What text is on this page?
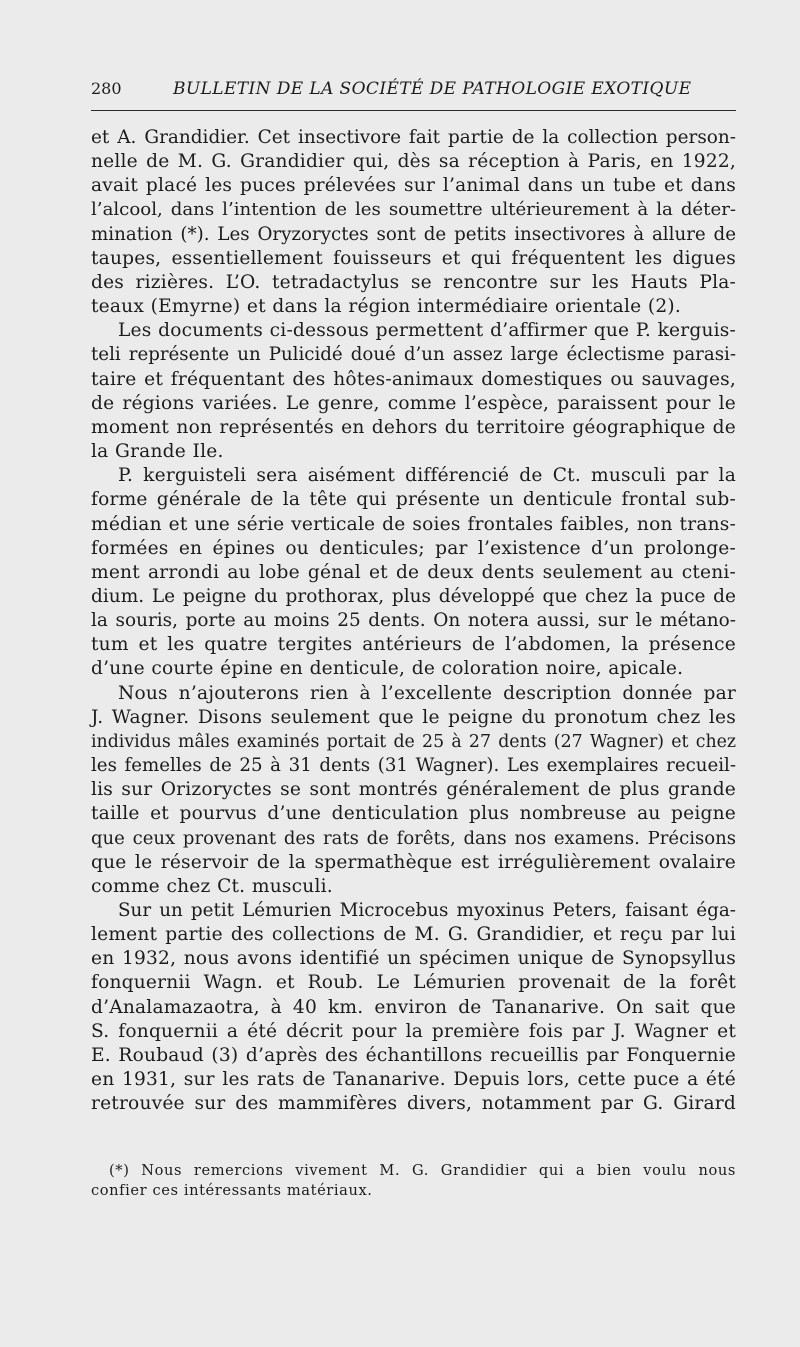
280	BULLETIN DE LA SOCIÉTÉ DE PATHOLOGIE EXOTIQUE
et A. Grandidier. Cet insectivore fait partie de la collection person-
nelle de M. G. Grandidier qui, dès sa réception à Paris, en 1922,
avait placé les puces prélevées sur l’animal dans un tube et dans
l’alcool, dans l’intention de les soumettre ultérieurement à la déter-
mination (*). Les Oryzoryctes sont de petits insectivores à allure de
taupes, essentiellement fouisseurs et qui fréquentent les digues
des rizières. L’O. tetradactylus se rencontre sur les Hauts Pla-
teaux (Emyrne) et dans la région intermédiaire orientale (2).
Les documents ci-dessous permettent d’affirmer que P. kerguis-
teli représente un Pulicidé doué d’un assez large éclectisme parasi-
taire et fréquentant des hôtes-animaux domestiques ou sauvages,
de régions variées. Le genre, comme l’espèce, paraissent pour le
moment non représentés en dehors du territoire géographique de
la Grande Ile.
P. kerguisteli sera aisément différencié de Ct. musculi par la
forme générale de la tête qui présente un denticule frontal sub-
médian et une série verticale de soies frontales faibles, non trans-
formées en épines ou denticules; par l’existence d’un prolonge-
ment arrondi au lobe génal et de deux dents seulement au cteni-
dium. Le peigne du prothorax, plus développé que chez la puce de
la souris, porte au moins 25 dents. On notera aussi, sur le métano-
tum et les quatre tergites antérieurs de l’abdomen, la présence
d’une courte épine en denticule, de coloration noire, apicale.
Nous n’ajouterons rien à l’excellente description donnée par
J. Wagner. Disons seulement que le peigne du pronotum chez les
individus mâles examinés portait de 25 à 27 dents (27 Wagner) et chez
les femelles de 25 à 31 dents (31 Wagner). Les exemplaires recueil-
lis sur Orizoryctes se sont montrés généralement de plus grande
taille et pourvus d’une denticulation plus nombreuse au peigne
que ceux provenant des rats de forêts, dans nos examens. Précisons
que le réservoir de la spermathèque est irrégulièrement ovalaire
comme chez Ct. musculi.
Sur un petit Lémurien Microcebus myoxinus Peters, faisant éga-
lement partie des collections de M. G. Grandidier, et reçu par lui
en 1932, nous avons identifié un spécimen unique de Synopsyllus
fonquernii Wagn. et Roub. Le Lémurien provenait de la forêt
d’Analamazaotra, à 40 km. environ de Tananarive. On sait que
S. fonquernii a été décrit pour la première fois par J. Wagner et
E. Roubaud (3) d’après des échantillons recueillis par Fonquernie
en 1931, sur les rats de Tananarive. Depuis lors, cette puce a été
retrouvée sur des mammifères divers, notamment par G. Girard
(*) Nous remercions vivement M. G. Grandidier qui a bien voulu nous
confier ces intéressants matériaux.
